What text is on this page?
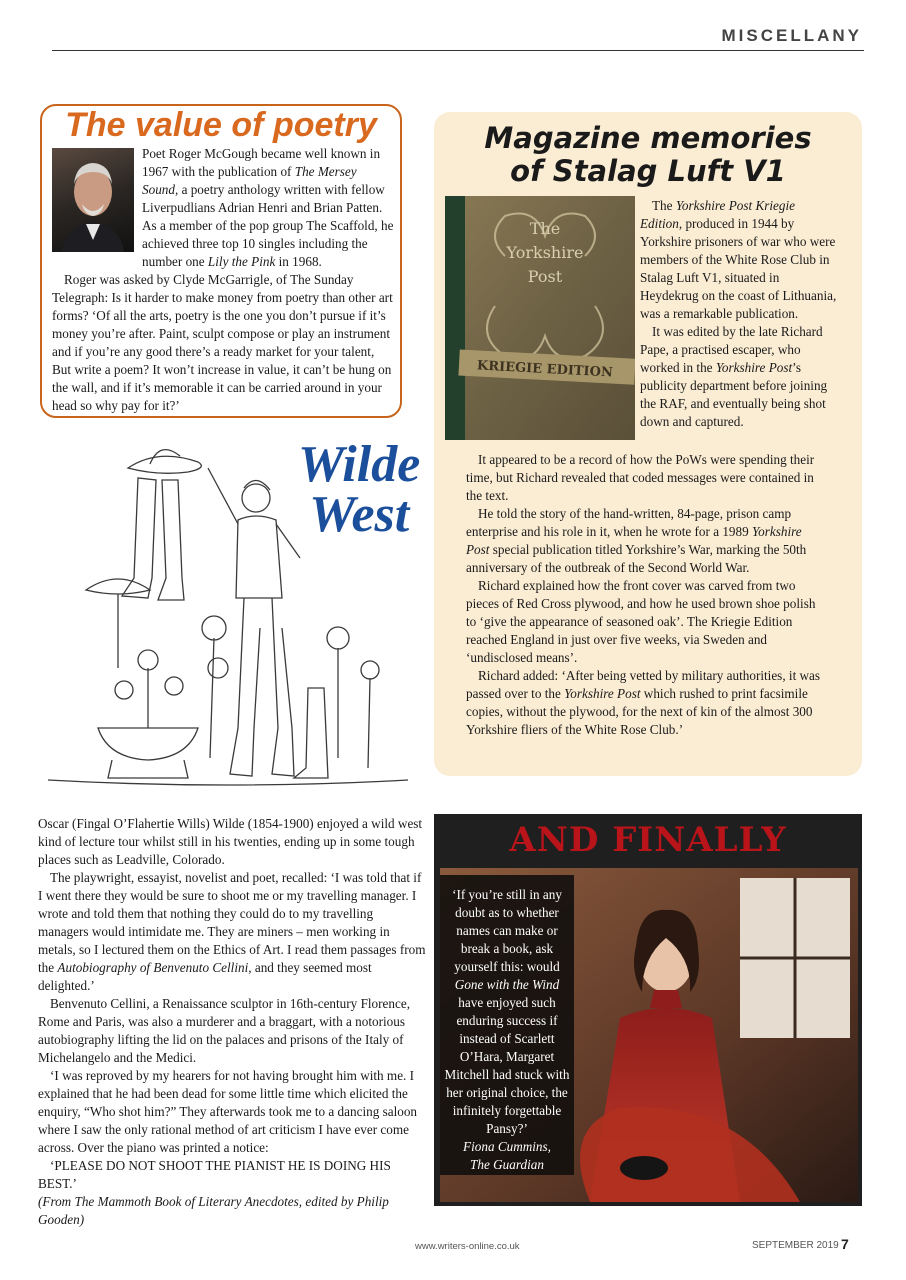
MISCELLANY
The value of poetry

Poet Roger McGough became well known in 1967 with the publication of The Mersey Sound, a poetry anthology written with fellow Liverpudlians Adrian Henri and Brian Patten. As a member of the pop group The Scaffold, he achieved three top 10 singles including the number one Lily the Pink in 1968.

Roger was asked by Clyde McGarrigle, of The Sunday Telegraph: Is it harder to make money from poetry than other art forms? ‘Of all the arts, poetry is the one you don’t pursue if it’s money you’re after. Paint, sculpt compose or play an instrument and if you’re any good there’s a ready market for your talent, But write a poem? It won’t increase in value, it can’t be hung on the wall, and if it’s memorable it can be carried around in your head so why pay for it?’

Wilde
West

Oscar (Fingal O’Flahertie Wills) Wilde (1854-1900) enjoyed a wild west kind of lecture tour whilst still in his twenties, ending up in some tough places such as Leadville, Colorado.

The playwright, essayist, novelist and poet, recalled: ‘I was told that if I went there they would be sure to shoot me or my travelling manager. I wrote and told them that nothing they could do to my travelling managers would intimidate me. They are miners – men working in metals, so I lectured them on the Ethics of Art. I read them passages from the Autobiography of Benvenuto Cellini, and they seemed most delighted.’

Benvenuto Cellini, a Renaissance sculptor in 16th-century Florence, Rome and Paris, was also a murderer and a braggart, with a notorious autobiography lifting the lid on the palaces and prisons of the Italy of Michelangelo and the Medici.

‘I was reproved by my hearers for not having brought him with me. I explained that he had been dead for some little time which elicited the enquiry, “Who shot him?” They afterwards took me to a dancing saloon where I saw the only rational method of art criticism I have ever come across. Over the piano was printed a notice:

‘PLEASE DO NOT SHOOT THE PIANIST HE IS DOING HIS BEST.’

(From The Mammoth Book of Literary Anecdotes, edited by Philip Gooden)

Magazine memories
of Stalag Luft V1
The
Yorkshire
Post
KRIEGIE EDITION

The Yorkshire Post Kriegie Edition, produced in 1944 by Yorkshire prisoners of war who were members of the White Rose Club in Stalag Luft V1, situated in Heydekrug on the coast of Lithuania, was a remarkable publication.

It was edited by the late Richard Pape, a practised escaper, who worked in the Yorkshire Post’s publicity department before joining the RAF, and eventually being shot down and captured.

It appeared to be a record of how the PoWs were spending their time, but Richard revealed that coded messages were contained in the text.

He told the story of the hand-written, 84-page, prison camp enterprise and his role in it, when he wrote for a 1989 Yorkshire Post special publication titled Yorkshire’s War, marking the 50th anniversary of the outbreak of the Second World War.

Richard explained how the front cover was carved from two pieces of Red Cross plywood, and how he used brown shoe polish to ‘give the appearance of seasoned oak’. The Kriegie Edition reached England in just over five weeks, via Sweden and ‘undisclosed means’.

Richard added: ‘After being vetted by military authorities, it was passed over to the Yorkshire Post which rushed to print facsimile copies, without the plywood, for the next of kin of the almost 300 Yorkshire fliers of the White Rose Club.’

AND FINALLY

‘If you’re still in any doubt as to whether names can make or break a book, ask yourself this: would Gone with the Wind have enjoyed such enduring success if instead of Scarlett O’Hara, Margaret Mitchell had stuck with her original choice, the infinitely forgettable Pansy?’

Fiona Cummins,
The Guardian

www.writers-online.co.uk	SEPTEMBER 2019 7
